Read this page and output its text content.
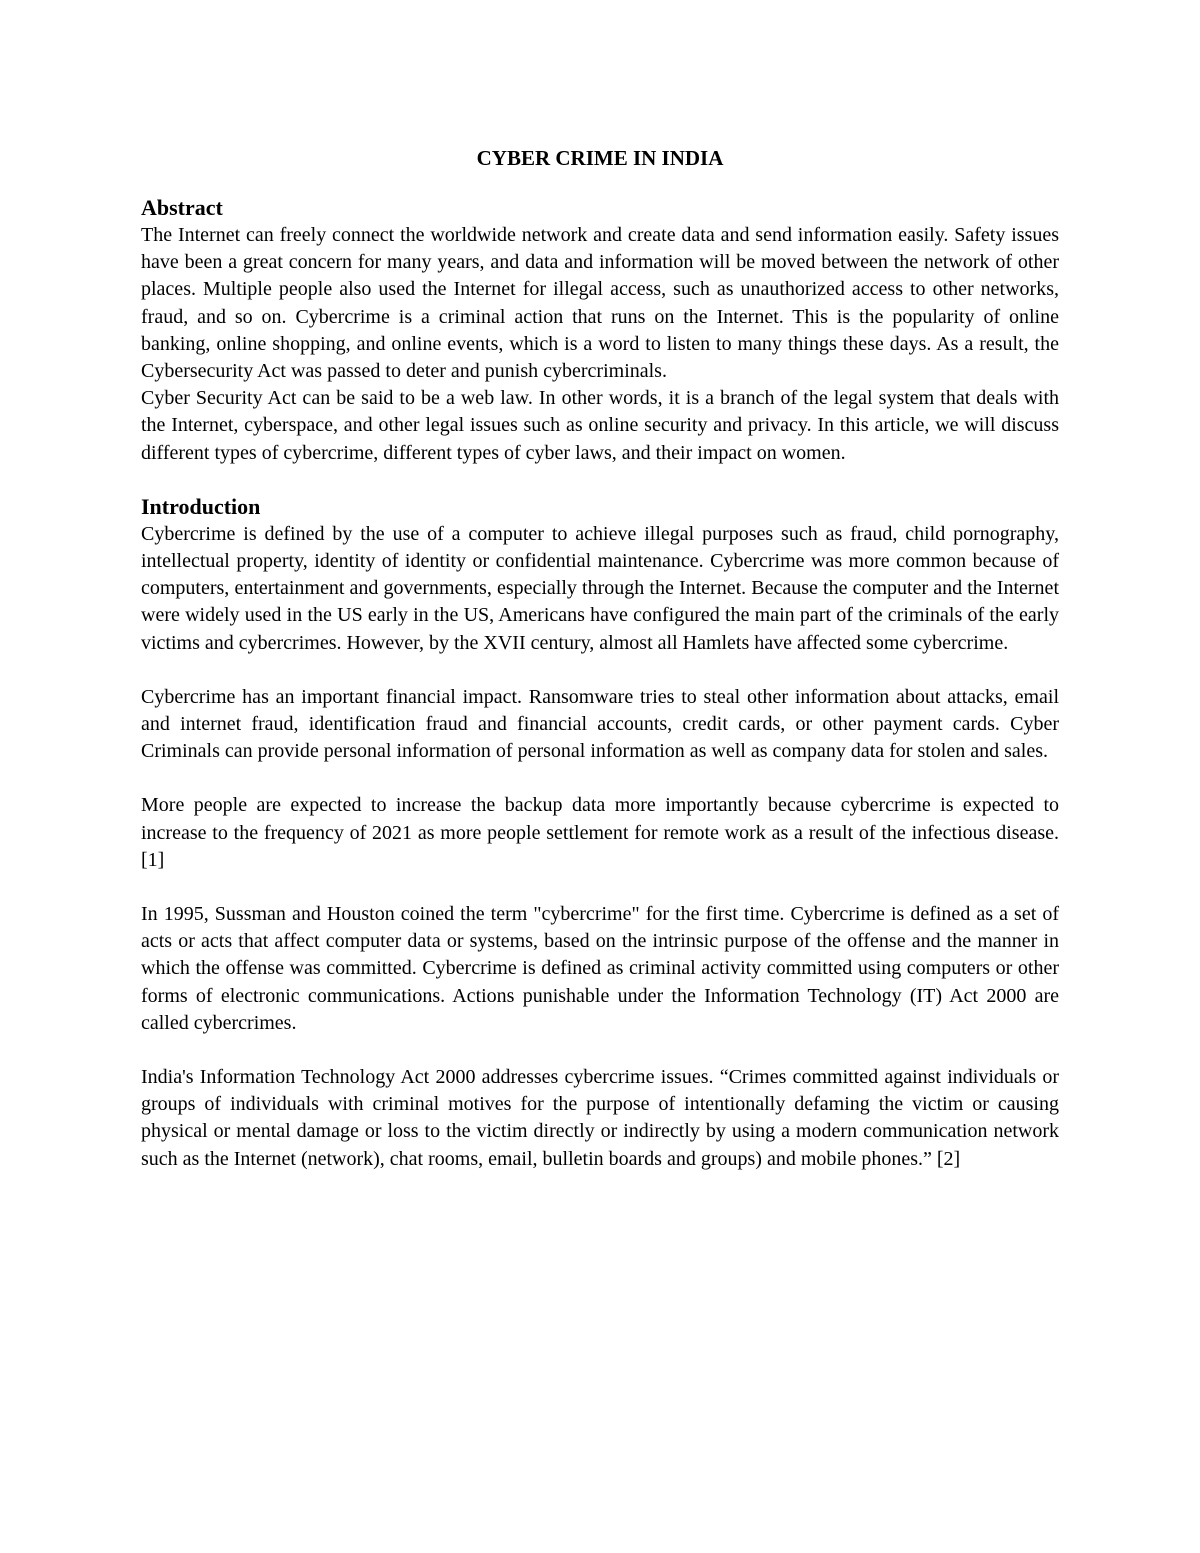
CYBER CRIME IN INDIA
Abstract

The Internet can freely connect the worldwide network and create data and send information easily. Safety issues have been a great concern for many years, and data and information will be moved between the network of other places. Multiple people also used the Internet for illegal access, such as unauthorized access to other networks, fraud, and so on. Cybercrime is a criminal action that runs on the Internet. This is the popularity of online banking, online shopping, and online events, which is a word to listen to many things these days. As a result, the Cybersecurity Act was passed to deter and punish cybercriminals.

Cyber Security Act can be said to be a web law. In other words, it is a branch of the legal system that deals with the Internet, cyberspace, and other legal issues such as online security and privacy. In this article, we will discuss different types of cybercrime, different types of cyber laws, and their impact on women.

Introduction

Cybercrime is defined by the use of a computer to achieve illegal purposes such as fraud, child pornography, intellectual property, identity of identity or confidential maintenance. Cybercrime was more common because of computers, entertainment and governments, especially through the Internet. Because the computer and the Internet were widely used in the US early in the US, Americans have configured the main part of the criminals of the early victims and cybercrimes. However, by the XVII century, almost all Hamlets have affected some cybercrime.

Cybercrime has an important financial impact. Ransomware tries to steal other information about attacks, email and internet fraud, identification fraud and financial accounts, credit cards, or other payment cards. Cyber Criminals can provide personal information of personal information as well as company data for stolen and sales.

More people are expected to increase the backup data more importantly because cybercrime is expected to increase to the frequency of 2021 as more people settlement for remote work as a result of the infectious disease.[1]

In 1995, Sussman and Houston coined the term "cybercrime" for the first time. Cybercrime is defined as a set of acts or acts that affect computer data or systems, based on the intrinsic purpose of the offense and the manner in which the offense was committed. Cybercrime is defined as criminal activity committed using computers or other forms of electronic communications. Actions punishable under the Information Technology (IT) Act 2000 are called cybercrimes.

India's Information Technology Act 2000 addresses cybercrime issues. “Crimes committed against individuals or groups of individuals with criminal motives for the purpose of intentionally defaming the victim or causing physical or mental damage or loss to the victim directly or indirectly by using a modern communication network such as the Internet (network), chat rooms, email, bulletin boards and groups) and mobile phones.” [2]
